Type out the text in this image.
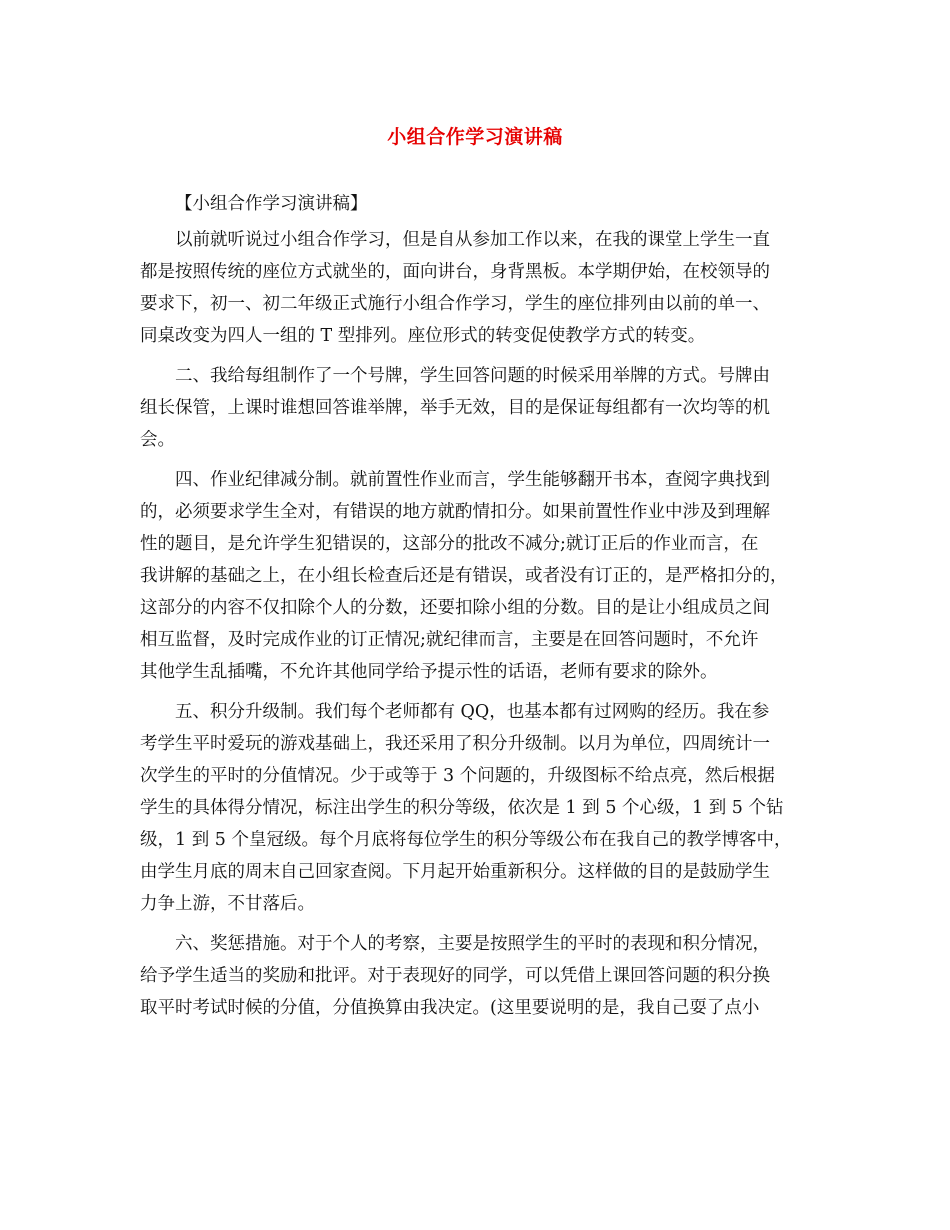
小组合作学习演讲稿
【小组合作学习演讲稿】
以前就听说过小组合作学习，但是自从参加工作以来，在我的课堂上学生一直
都是按照传统的座位方式就坐的，面向讲台，身背黑板。本学期伊始，在校领导的
要求下，初一、初二年级正式施行小组合作学习，学生的座位排列由以前的单一、
同桌改变为四人一组的 T 型排列。座位形式的转变促使教学方式的转变。
二、我给每组制作了一个号牌，学生回答问题的时候采用举牌的方式。号牌由
组长保管，上课时谁想回答谁举牌，举手无效，目的是保证每组都有一次均等的机
会。
四、作业纪律减分制。就前置性作业而言，学生能够翻开书本，查阅字典找到
的，必须要求学生全对，有错误的地方就酌情扣分。如果前置性作业中涉及到理解
性的题目，是允许学生犯错误的，这部分的批改不减分;就订正后的作业而言，在
我讲解的基础之上，在小组长检查后还是有错误，或者没有订正的，是严格扣分的，
这部分的内容不仅扣除个人的分数，还要扣除小组的分数。目的是让小组成员之间
相互监督，及时完成作业的订正情况;就纪律而言，主要是在回答问题时，不允许
其他学生乱插嘴，不允许其他同学给予提示性的话语，老师有要求的除外。
五、积分升级制。我们每个老师都有 QQ，也基本都有过网购的经历。我在参
考学生平时爱玩的游戏基础上，我还采用了积分升级制。以月为单位，四周统计一
次学生的平时的分值情况。少于或等于 3 个问题的，升级图标不给点亮，然后根据
学生的具体得分情况，标注出学生的积分等级，依次是 1 到 5 个心级，1 到 5 个钻
级，1 到 5 个皇冠级。每个月底将每位学生的积分等级公布在我自己的教学博客中，
由学生月底的周末自己回家查阅。下月起开始重新积分。这样做的目的是鼓励学生
力争上游，不甘落后。
六、奖惩措施。对于个人的考察，主要是按照学生的平时的表现和积分情况，
给予学生适当的奖励和批评。对于表现好的同学，可以凭借上课回答问题的积分换
取平时考试时候的分值，分值换算由我决定。(这里要说明的是，我自己耍了点小
